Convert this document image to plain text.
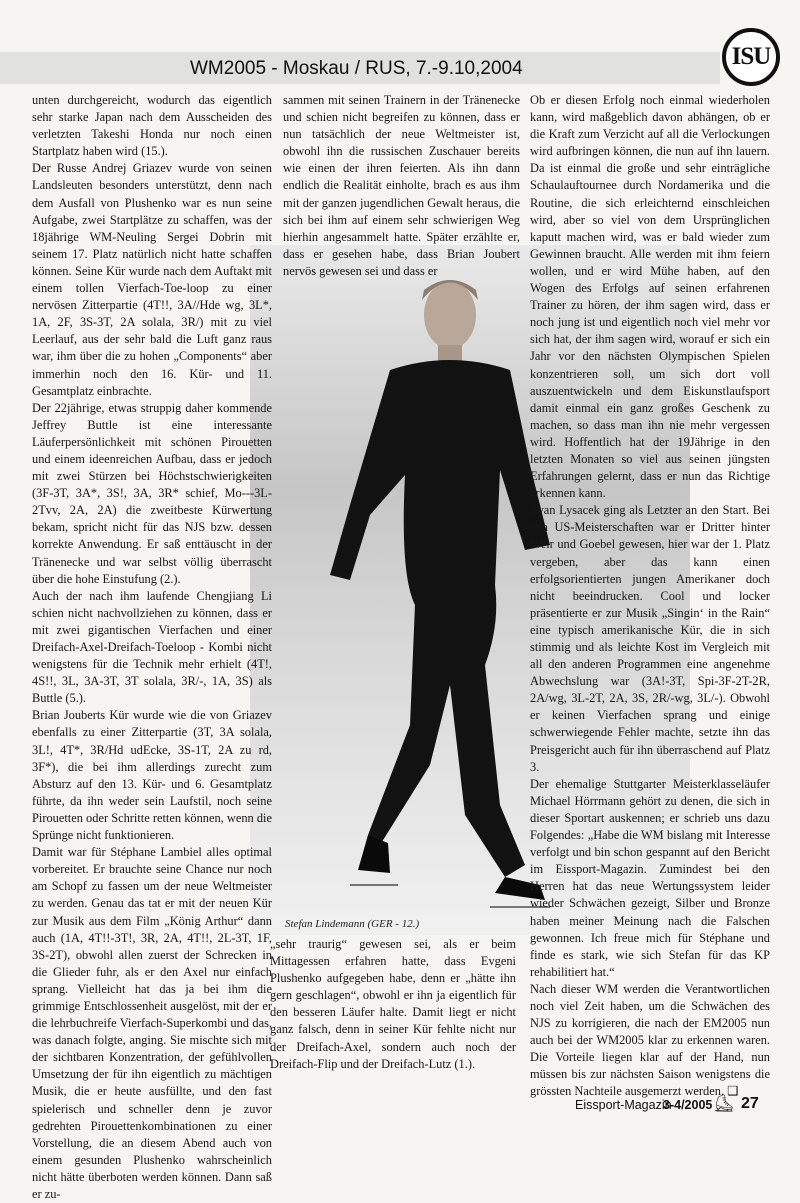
WM2005 - Moskau / RUS, 7.-9.10,2004	ISU
Stefan Lindemann (GER - 12.)

unten durchgereicht, wodurch das eigentlich sehr starke Japan nach dem Ausscheiden des verletzten Takeshi Honda nur noch einen Startplatz haben wird (15.).

Der Russe Andrej Griazev wurde von seinen Landsleuten besonders unterstützt, denn nach dem Ausfall von Plushenko war es nun seine Aufgabe, zwei Startplätze zu schaffen, was der 18jährige WM-Neuling Sergei Dobrin mit seinem 17. Platz natürlich nicht hatte schaffen können. Seine Kür wurde nach dem Auftakt mit einem tollen Vierfach-Toe-loop zu einer nervösen Zitterpartie (4T!!, 3A//Hde wg, 3L*, 1A, 2F, 3S-3T, 2A solala, 3R/) mit zu viel Leerlauf, aus der sehr bald die Luft ganz raus war, ihm über die zu hohen „Components“ aber immerhin noch den 16. Kür- und 11. Gesamtplatz einbrachte.

Der 22jährige, etwas struppig daher kommende Jeffrey Buttle ist eine interessante Läuferpersönlichkeit mit schönen Pirouetten und einem ideenreichen Aufbau, dass er jedoch mit zwei Stürzen bei Höchstschwierigkeiten (3F-3T, 3A*, 3S!, 3A, 3R* schief, Mo---3L-2Tvv, 2A, 2A) die zweitbeste Kürwertung bekam, spricht nicht für das NJS bzw. dessen korrekte Anwendung. Er saß enttäuscht in der Tränenecke und war selbst völlig überrascht über die hohe Einstufung (2.).

Auch der nach ihm laufende Chengjiang Li schien nicht nachvollziehen zu können, dass er mit zwei gigantischen Vierfachen und einer Dreifach-Axel-Dreifach-Toeloop - Kombi nicht wenigstens für die Technik mehr erhielt (4T!, 4S!!, 3L, 3A-3T, 3T solala, 3R/-, 1A, 3S) als Buttle (5.).

Brian Jouberts Kür wurde wie die von Griazev ebenfalls zu einer Zitterpartie (3T, 3A solala, 3L!, 4T*, 3R/Hd udEcke, 3S-1T, 2A zu rd, 3F*), die bei ihm allerdings zurecht zum Absturz auf den 13. Kür- und 6. Gesamtplatz führte, da ihn weder sein Laufstil, noch seine Pirouetten oder Schritte retten können, wenn die Sprünge nicht funktionieren.

Damit war für Stéphane Lambiel alles optimal vorbereitet. Er brauchte seine Chance nur noch am Schopf zu fassen um der neue Weltmeister zu werden. Genau das tat er mit der neuen Kür zur Musik aus dem Film „König Arthur“ dann auch (1A, 4T!!-3T!, 3R, 2A, 4T!!, 2L-3T, 1F, 3S-2T), obwohl allen zuerst der Schrecken in die Glieder fuhr, als er den Axel nur einfach sprang. Vielleicht hat das ja bei ihm die grimmige Entschlossenheit ausgelöst, mit der er die lehrbuchreife Vierfach-Superkombi und das, was danach folgte, anging. Sie mischte sich mit der sichtbaren Konzentration, der gefühlvollen Umsetzung der für ihn eigentlich zu mächtigen Musik, die er heute ausfüllte, und den fast spielerisch und schneller denn je zuvor gedrehten Pirouettenkombinationen zu einer Vorstellung, die an diesem Abend auch von einem gesunden Plushenko wahrscheinlich nicht hätte überboten werden können. Dann saß er zu-

sammen mit seinen Trainern in der Tränenecke und schien nicht begreifen zu können, dass er nun tatsächlich der neue Weltmeister ist, obwohl ihn die russischen Zuschauer bereits wie einen der ihren feierten. Als ihn dann endlich die Realität einholte, brach es aus ihm mit der ganzen jugendlichen Gewalt heraus, die sich bei ihm auf einem sehr schwierigen Weg hierhin angesammelt hatte. Später erzählte er, dass er gesehen habe, dass Brian Joubert nervös gewesen sei und dass er

„sehr traurig“ gewesen sei, als er beim Mittagessen erfahren hatte, dass Evgeni Plushenko aufgegeben habe, denn er „hätte ihn gern geschlagen“, obwohl er ihn ja eigentlich für den besseren Läufer halte. Damit liegt er nicht ganz falsch, denn in seiner Kür fehlte nicht nur der Dreifach-Axel, sondern auch noch der Dreifach-Flip und der Dreifach-Lutz (1.).

Ob er diesen Erfolg noch einmal wiederholen kann, wird maßgeblich davon abhängen, ob er die Kraft zum Verzicht auf all die Verlockungen wird aufbringen können, die nun auf ihn lauern. Da ist einmal die große und sehr einträgliche Schaulauftournee durch Nordamerika und die Routine, die sich erleichternd einschleichen wird, aber so viel von dem Ursprünglichen kaputt machen wird, was er bald wieder zum Gewinnen braucht. Alle werden mit ihm feiern wollen, und er wird Mühe haben, auf den Wogen des Erfolgs auf seinen erfahrenen Trainer zu hören, der ihm sagen wird, dass er noch jung ist und eigentlich noch viel mehr vor sich hat, der ihm sagen wird, worauf er sich ein Jahr vor den nächsten Olympischen Spielen konzentrieren soll, um sich dort voll auszuentwickeln und dem Eiskunstlaufsport damit einmal ein ganz großes Geschenk zu machen, so dass man ihn nie mehr vergessen wird. Hoffentlich hat der 19Jährige in den letzten Monaten so viel aus seinen jüngsten Erfahrungen gelernt, dass er nun das Richtige erkennen kann.

Evan Lysacek ging als Letzter an den Start. Bei den US-Meisterschaften war er Dritter hinter Weir und Goebel gewesen, hier war der 1. Platz vergeben, aber das kann einen erfolgsorientierten jungen Amerikaner doch nicht beeindrucken. Cool und locker präsentierte er zur Musik „Singin‘ in the Rain“ eine typisch amerikanische Kür, die in sich stimmig und als leichte Kost im Vergleich mit all den anderen Programmen eine angenehme Abwechslung war (3A!-3T, Spi-3F-2T-2R, 2A/wg, 3L-2T, 2A, 3S, 2R/-wg, 3L/-). Obwohl er keinen Vierfachen sprang und einige schwerwiegende Fehler machte, setzte ihn das Preisgericht auch für ihn überraschend auf Platz 3.

Der ehemalige Stuttgarter Meisterklasseläufer Michael Hörrmann gehört zu denen, die sich in dieser Sportart auskennen; er schrieb uns dazu Folgendes: „Habe die WM bislang mit Interesse verfolgt und bin schon gespannt auf den Bericht im Eissport-Magazin. Zumindest bei den Herren hat das neue Wertungssystem leider wieder Schwächen gezeigt, Silber und Bronze haben meiner Meinung nach die Falschen gewonnen. Ich freue mich für Stéphane und finde es stark, wie sich Stefan für das KP rehabilitiert hat.“

Nach dieser WM werden die Verantwortlichen noch viel Zeit haben, um die Schwächen des NJS zu korrigieren, die nach der EM2005 nun auch bei der WM2005 klar zu erkennen waren. Die Vorteile liegen klar auf der Hand, nun müssen bis zur nächsten Saison wenigstens die grössten Nachteile ausgemerzt werden. ❑

Eissport-Magazin
3-4/2005 ⛸ 27
